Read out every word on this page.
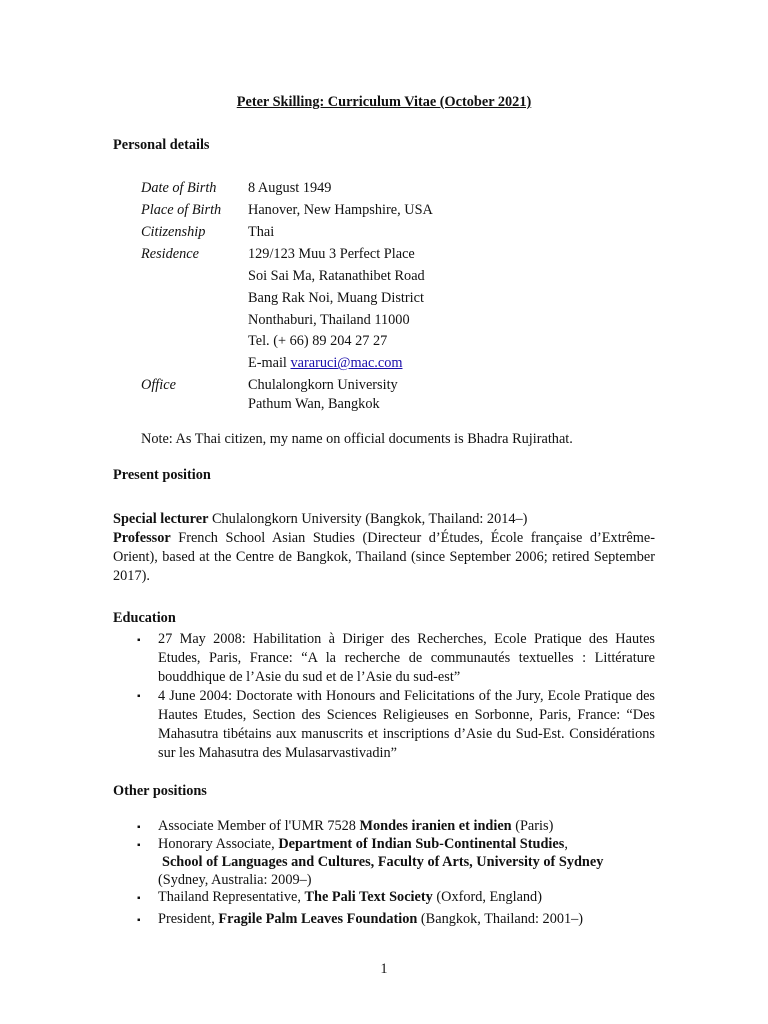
Peter Skilling: Curriculum Vitae (October 2021)
Personal details
Date of Birth 8 August 1949
Place of Birth Hanover, New Hampshire, USA
Citizenship	Thai
Residence	129/123 Muu 3 Perfect Place
Soi Sai Ma, Ratanathibet Road
Bang Rak Noi, Muang District
Nonthaburi, Thailand 11000
Tel. (+ 66) 89 204 27 27
E-mail vararuci@mac.com
Office	Chulalongkorn University
Pathum Wan, Bangkok
Note: As Thai citizen, my name on official documents is Bhadra Rujirathat.
Present position
Special lecturer Chulalongkorn University (Bangkok, Thailand: 2014–)
Professor French School Asian Studies (Directeur d’Études, École française d’Extrême-Orient), based at the Centre de Bangkok, Thailand (since September 2006; retired September 2017).
Education
▪ 27 May 2008: Habilitation à Diriger des Recherches, Ecole Pratique des Hautes Etudes, Paris, France: “A la recherche de communautés textuelles : Littérature bouddhique de l’Asie du sud et de l’Asie du sud-est”
▪ 4 June 2004: Doctorate with Honours and Felicitations of the Jury, Ecole Pratique des Hautes Etudes, Section des Sciences Religieuses en Sorbonne, Paris, France: “Des Mahasutra tibétains aux manuscrits et inscriptions d’Asie du Sud-Est. Considérations sur les Mahasutra des Mulasarvastivadin”
Other positions
▪ Associate Member of l'UMR 7528 Mondes iranien et indien (Paris)
▪ Honorary Associate, Department of Indian Sub-Continental Studies,
School of Languages and Cultures, Faculty of Arts, University of Sydney
(Sydney, Australia: 2009–)
▪ Thailand Representative, The Pali Text Society (Oxford, England)
▪ President, Fragile Palm Leaves Foundation (Bangkok, Thailand: 2001–)
1
